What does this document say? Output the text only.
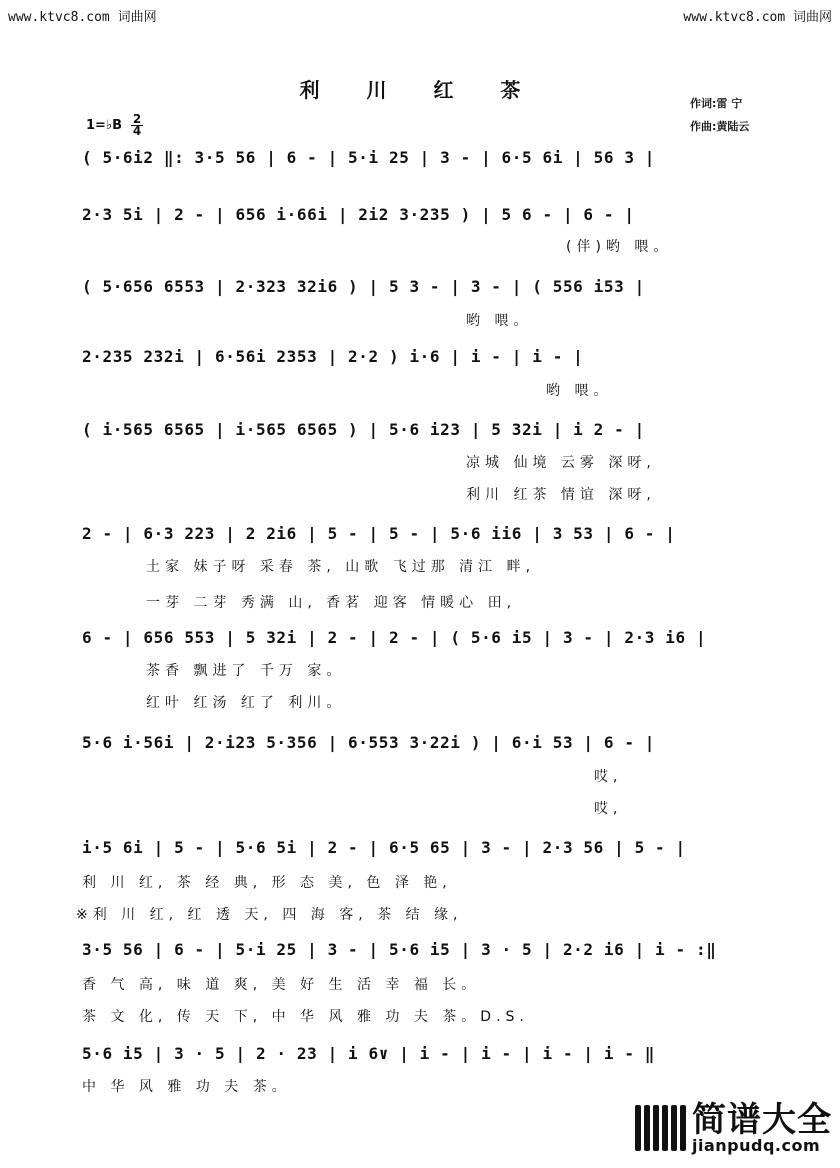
www.ktvc8.com 词曲网	www.ktvc8.com 词曲网
利 川 红 茶
作词:雷 宁
作曲:黄陆云
1=♭B 2
4
( 5·6i2 ‖: 3·5 56 | 6 - | 5·i 25 | 3 - | 6·5 6i | 56 3 |
2·3 5i | 2 - | 656 i·66i | 2i2 3·235 ) | 5 6 - | 6 - |
(伴)哟 喂。
( 5·656 6553 | 2·323 32i6 ) | 5 3 - | 3 - | ( 556 i53 |
哟 喂。
2·235 232i | 6·56i 2353 | 2·2 ) i·6 | i - | i - |
哟 喂。
( i·565 6565 | i·565 6565 ) | 5·6 i23 | 5 32i | i 2 - |
凉城 仙境 云雾 深呀,
利川 红茶 情谊 深呀,
2 - | 6·3 223 | 2 2i6 | 5 - | 5 - | 5·6 ii6 | 3 53 | 6 - |
土家 妹子呀 采春 茶, 山歌 飞过那 清江 畔,
一芽 二芽 秀满 山, 香茗 迎客 情暖心 田,
6 - | 656 553 | 5 32i | 2 - | 2 - | ( 5·6 i5 | 3 - | 2·3 i6 |
茶香 飘进了 千万 家。
红叶 红汤 红了 利川。
5·6 i·56i | 2·i23 5·356 | 6·553 3·22i ) | 6·i 53 | 6 - |
哎,
哎,
i·5 6i | 5 - | 5·6 5i | 2 - | 6·5 65 | 3 - | 2·3 56 | 5 - |
利 川 红, 茶 经 典, 形 态 美, 色 泽 艳,
※利 川 红, 红 透 天, 四 海 客, 茶 结 缘,
3·5 56 | 6 - | 5·i 25 | 3 - | 5·6 i5 | 3 · 5 | 2·2 i6 | i - :‖
香 气 高, 味 道 爽, 美 好 生 活 幸 福 长。
茶 文 化, 传 天 下, 中 华 风 雅 功 夫 茶。D.S.
5·6 i5 | 3 · 5 | 2 · 23 | i 6∨ | i - | i - | i - | i - ‖
中 华 风 雅 功 夫 茶。
简谱大全
jianpudq.com
